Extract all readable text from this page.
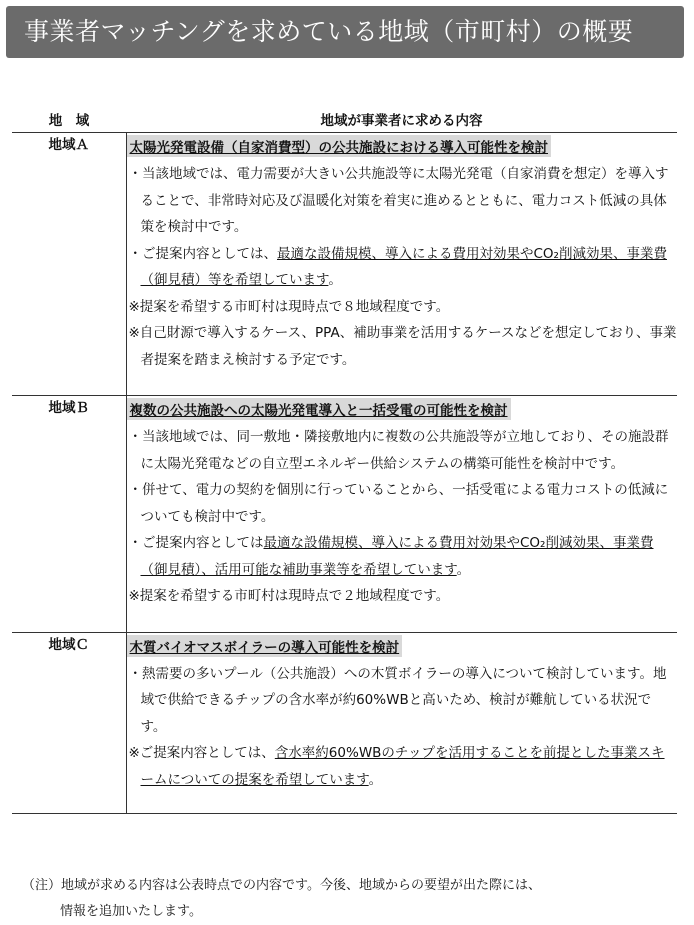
事業者マッチングを求めている地域（市町村）の概要
地　域	地域が事業者に求める内容
地域Ａ	太陽光発電設備（自家消費型）の公共施設における導入可能性を検討
・当該地域では、電力需要が大きい公共施設等に太陽光発電（自家消費を想定）を導入することで、非常時対応及び温暖化対策を着実に進めるとともに、電力コスト低減の具体策を検討中です。
・ご提案内容としては、最適な設備規模、導入による費用対効果やCO₂削減効果、事業費（御見積）等を希望しています。
※提案を希望する市町村は現時点で８地域程度です。
※自己財源で導入するケース、PPA、補助事業を活用するケースなどを想定しており、事業者提案を踏まえ検討する予定です。

地域Ｂ	複数の公共施設への太陽光発電導入と一括受電の可能性を検討
・当該地域では、同一敷地・隣接敷地内に複数の公共施設等が立地しており、その施設群に太陽光発電などの自立型エネルギー供給システムの構築可能性を検討中です。
・併せて、電力の契約を個別に行っていることから、一括受電による電力コストの低減についても検討中です。
・ご提案内容としては最適な設備規模、導入による費用対効果やCO₂削減効果、事業費（御見積）、活用可能な補助事業等を希望しています。
※提案を希望する市町村は現時点で２地域程度です。

地域Ｃ	木質バイオマスボイラーの導入可能性を検討
・熱需要の多いプール（公共施設）への木質ボイラーの導入について検討しています。地域で供給できるチップの含水率が約60%WBと高いため、検討が難航している状況です。
※ご提案内容としては、含水率約60%WBのチップを活用することを前提とした事業スキームについての提案を希望しています。
（注）地域が求める内容は公表時点での内容です。今後、地域からの要望が出た際には、
情報を追加いたします。
